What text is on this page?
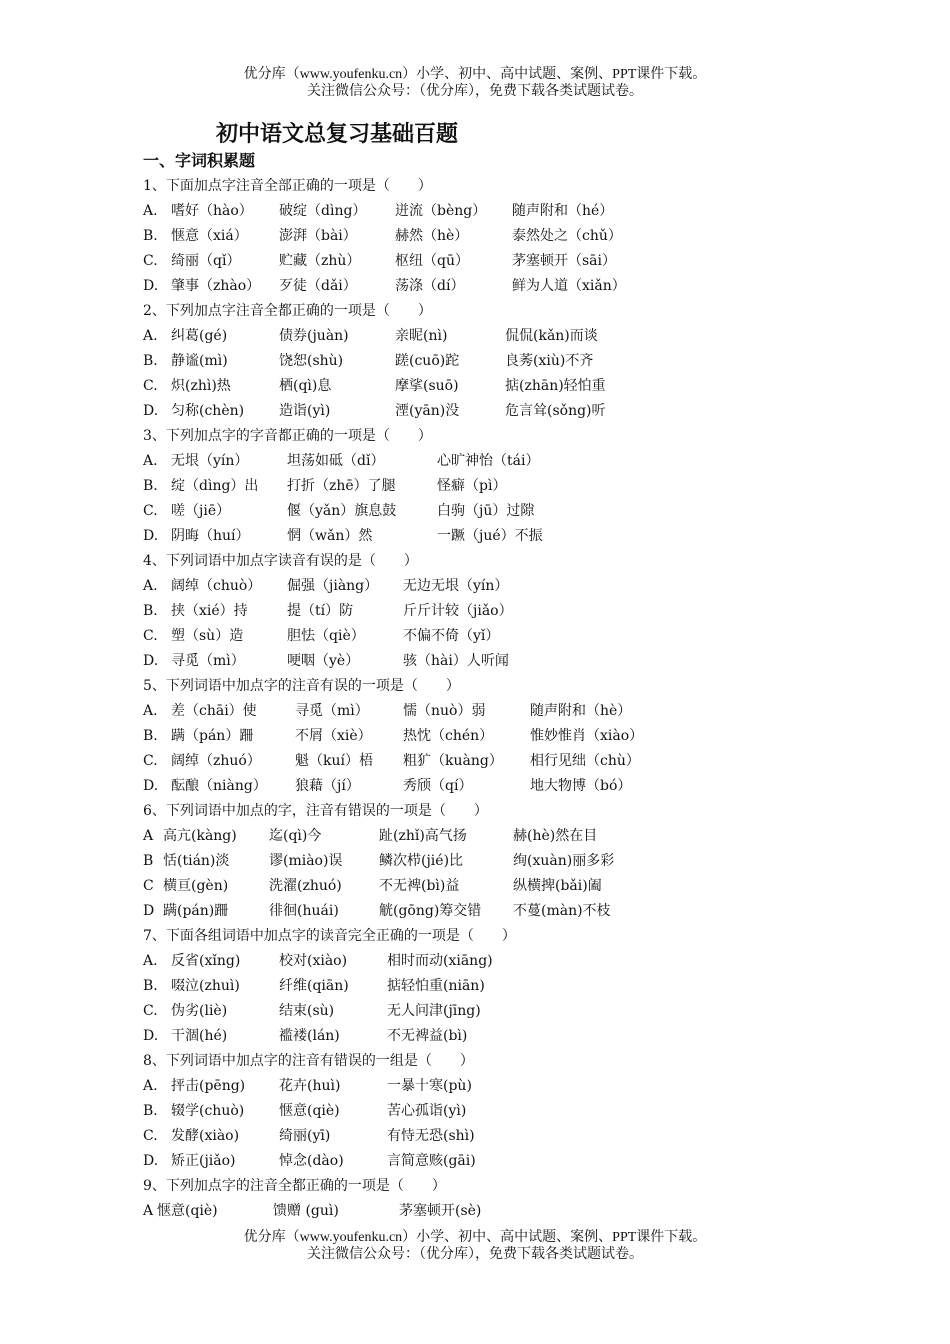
优分库（www.youfenku.cn）小学、初中、高中试题、案例、PPT课件下载。
关注微信公众号：（优分库），免费下载各类试题试卷。
初中语文总复习基础百题
一、字词积累题
1、下面加点字注音全部正确的一项是（　　）
A. 嗜好（hào） 破绽（dìng） 迸流（bèng） 随声附和（hé）
B. 惬意（xiá） 澎湃（bài）	赫然（hè）	泰然处之（chǔ）
C. 绮丽（qǐ）	贮藏（zhù） 枢纽（qū）	茅塞顿开（sāi）
D. 肇事（zhào） 歹徒（dǎi）	荡涤（dí）	鲜为人道（xiǎn）
2、下列加点字注音全都正确的一项是（　　）
A. 纠葛(gé)	债券(juàn)	亲昵(nì)	侃侃(kǎn)而谈
B. 静谧(mì)	饶恕(shù)	蹉(cuō)跎	良莠(xiù)不齐
C. 炽(zhì)热	栖(qì)息	摩挲(suō)	掂(zhān)轻怕重
D. 匀称(chèn) 造诣(yì)	湮(yān)没	危言耸(sǒng)听
3、下列加点字的字音都正确的一项是（　　）
A. 无垠（yín）	坦荡如砥（dǐ）	心旷神怡（tái）
B. 绽（dìng）出 打折（zhē）了腿	怪癖（pì）
C. 嗟（jiē）	偃（yǎn）旗息鼓	白驹（jū）过隙
D. 阴晦（huí）	惘（wǎn）然	一蹶（jué）不振
4、下列词语中加点字读音有误的是（　　）
A. 阔绰（chuò） 倔强（jiàng） 无边无垠（yín）
B. 挟（xié）持	提（tí）防	斤斤计较（jiǎo）
C. 塑（sù）造	胆怯（qiè）	不偏不倚（yǐ）
D. 寻觅（mì）	哽咽（yè）	骇（hài）人听闻
5、下列词语中加点字的注音有误的一项是（　　）
A. 差（chāi）使	寻觅（mì） 懦（nuò）弱	随声附和（hè）
B. 蹒（pán）跚	不屑（xiè） 热忱（chén）	惟妙惟肖（xiào）
C. 阔绰（zhuó） 魁（kuí）梧 粗犷（kuàng） 相行见绌（chù）
D. 酝酿（niàng） 狼藉（jí）	秀颀（qí）	地大物博（bó）
6、下列词语中加点的字，注音有错误的一项是（　　）
A 高亢(kàng) 迄(qì)今	趾(zhǐ)高气扬	赫(hè)然在目
B 恬(tián)淡	谬(miào)误	鳞次栉(jié)比	绚(xuàn)丽多彩
C 横亘(gèn)	洗濯(zhuó)	不无裨(bì)益	纵横捭(bǎi)阖
D 蹒(pán)跚	徘徊(huái)	觥(gōng)筹交错 不蔓(màn)不枝
7、下面各组词语中加点字的读音完全正确的一项是（　　）
A. 反省(xǐng)	校对(xiào)	相时而动(xiāng)
B. 啜泣(zhuì)	纤维(qiān)	掂轻怕重(niān)
C. 伪劣(liè)	结束(sù)	无人问津(jīng)
D. 干涸(hé)	褴褛(lán)	不无裨益(bì)
8、下列词语中加点字的注音有错误的一组是（　　）
A. 抨击(pēng) 花卉(huì)	一暴十寒(pù)
B. 辍学(chuò) 惬意(qiè)	苦心孤诣(yì)
C. 发酵(xiào)	绮丽(yī)	有恃无恐(shì)
D. 矫正(jiǎo)	悼念(dào)	言简意赅(gāi)
9、下列加点字的注音全都正确的一项是（　　）
A 惬意(qiè)	馈赠 (guì)	茅塞顿开(sè)
优分库（www.youfenku.cn）小学、初中、高中试题、案例、PPT课件下载。
关注微信公众号：（优分库），免费下载各类试题试卷。
